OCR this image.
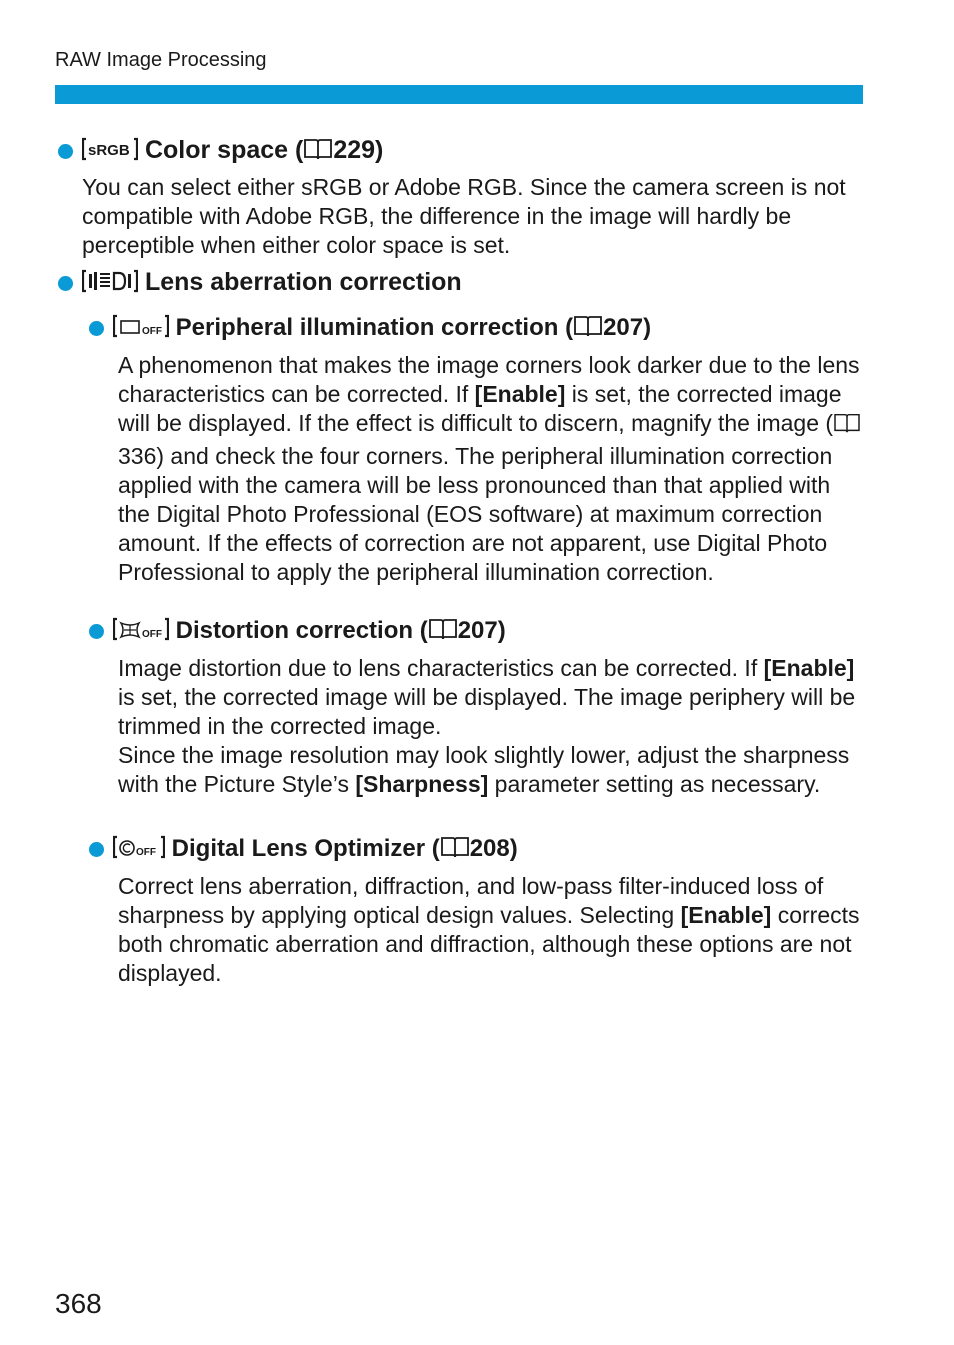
RAW Image Processing
sRGB Color space ( 229)
You can select either sRGB or Adobe RGB. Since the camera screen is not compatible with Adobe RGB, the difference in the image will hardly be perceptible when either color space is set.
Lens aberration correction
OFF Peripheral illumination correction ( 207)
A phenomenon that makes the image corners look darker due to the lens characteristics can be corrected. If [Enable] is set, the corrected image will be displayed. If the effect is difficult to discern, magnify the image (336) and check the four corners. The peripheral illumination correction applied with the camera will be less pronounced than that applied with the Digital Photo Professional (EOS software) at maximum correction amount. If the effects of correction are not apparent, use Digital Photo Professional to apply the peripheral illumination correction.
OFF Distortion correction ( 207)
Image distortion due to lens characteristics can be corrected. If [Enable] is set, the corrected image will be displayed. The image periphery will be trimmed in the corrected image.
Since the image resolution may look slightly lower, adjust the sharpness with the Picture Style’s [Sharpness] parameter setting as necessary.
OFF Digital Lens Optimizer ( 208)
Correct lens aberration, diffraction, and low-pass filter-induced loss of sharpness by applying optical design values. Selecting [Enable] corrects both chromatic aberration and diffraction, although these options are not displayed.
368
